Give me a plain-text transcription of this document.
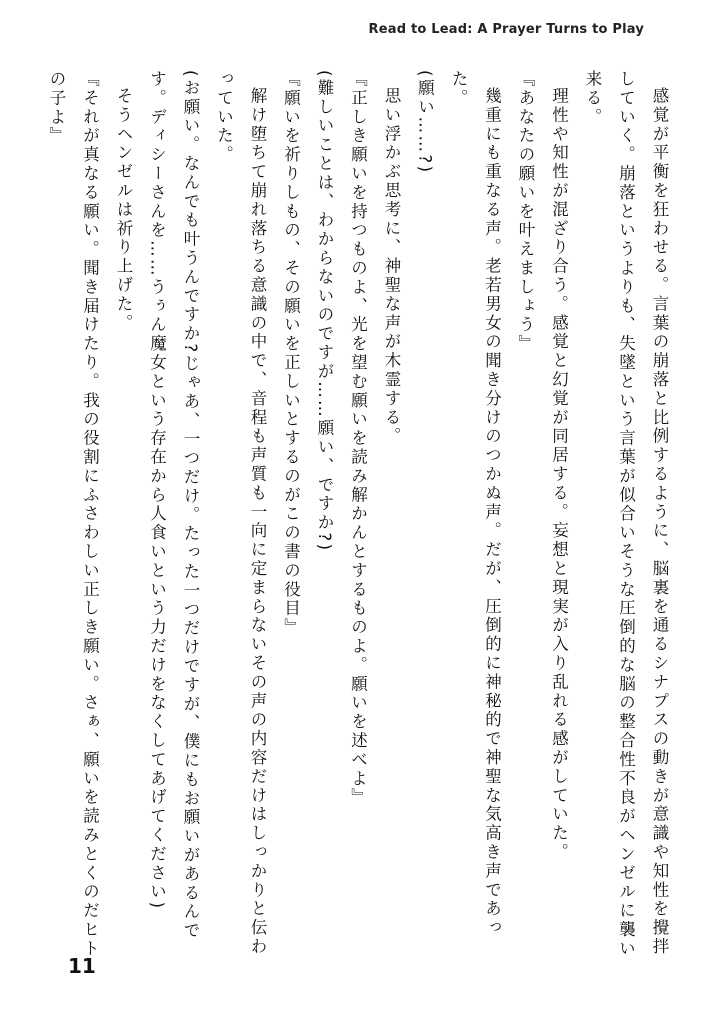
Read to Lead: A Prayer Turns to Play

感覚が平衡を狂わせる。言葉の崩落と比例するように、脳裏を通るシナプスの動きが意識や知性を攪拌していく。崩落というよりも、失墜という言葉が似合いそうな圧倒的な脳の整合性不良がヘンゼルに襲い来る。

理性や知性が混ざり合う。感覚と幻覚が同居する。妄想と現実が入り乱れる感がしていた。

『あなたの願いを叶えましょう』

幾重にも重なる声。老若男女の聞き分けのつかぬ声。だが、圧倒的に神秘的で神聖な気高き声であった。

(願い……?)

思い浮かぶ思考に、神聖な声が木霊する。

『正しき願いを持つものよ、光を望む願いを読み解かんとするものよ。願いを述べよ』

(難しいことは、わからないのですが……願い、ですか?)

『願いを祈りしもの、その願いを正しいとするのがこの書の役目』

解け堕ちて崩れ落ちる意識の中で、音程も声質も一向に定まらないその声の内容だけはしっかりと伝わっていた。

(お願い。なんでも叶うんですか?じゃあ、一つだけ。たった一つだけですが、僕にもお願いがあるんです。ディシーさんを……うぅん魔女という存在から人食いという力だけをなくしてあげてください)

そうヘンゼルは祈り上げた。

『それが真なる願い。聞き届けたり。我の役割にふさわしい正しき願い。さぁ、願いを読みとくのだヒトの子よ』

11
